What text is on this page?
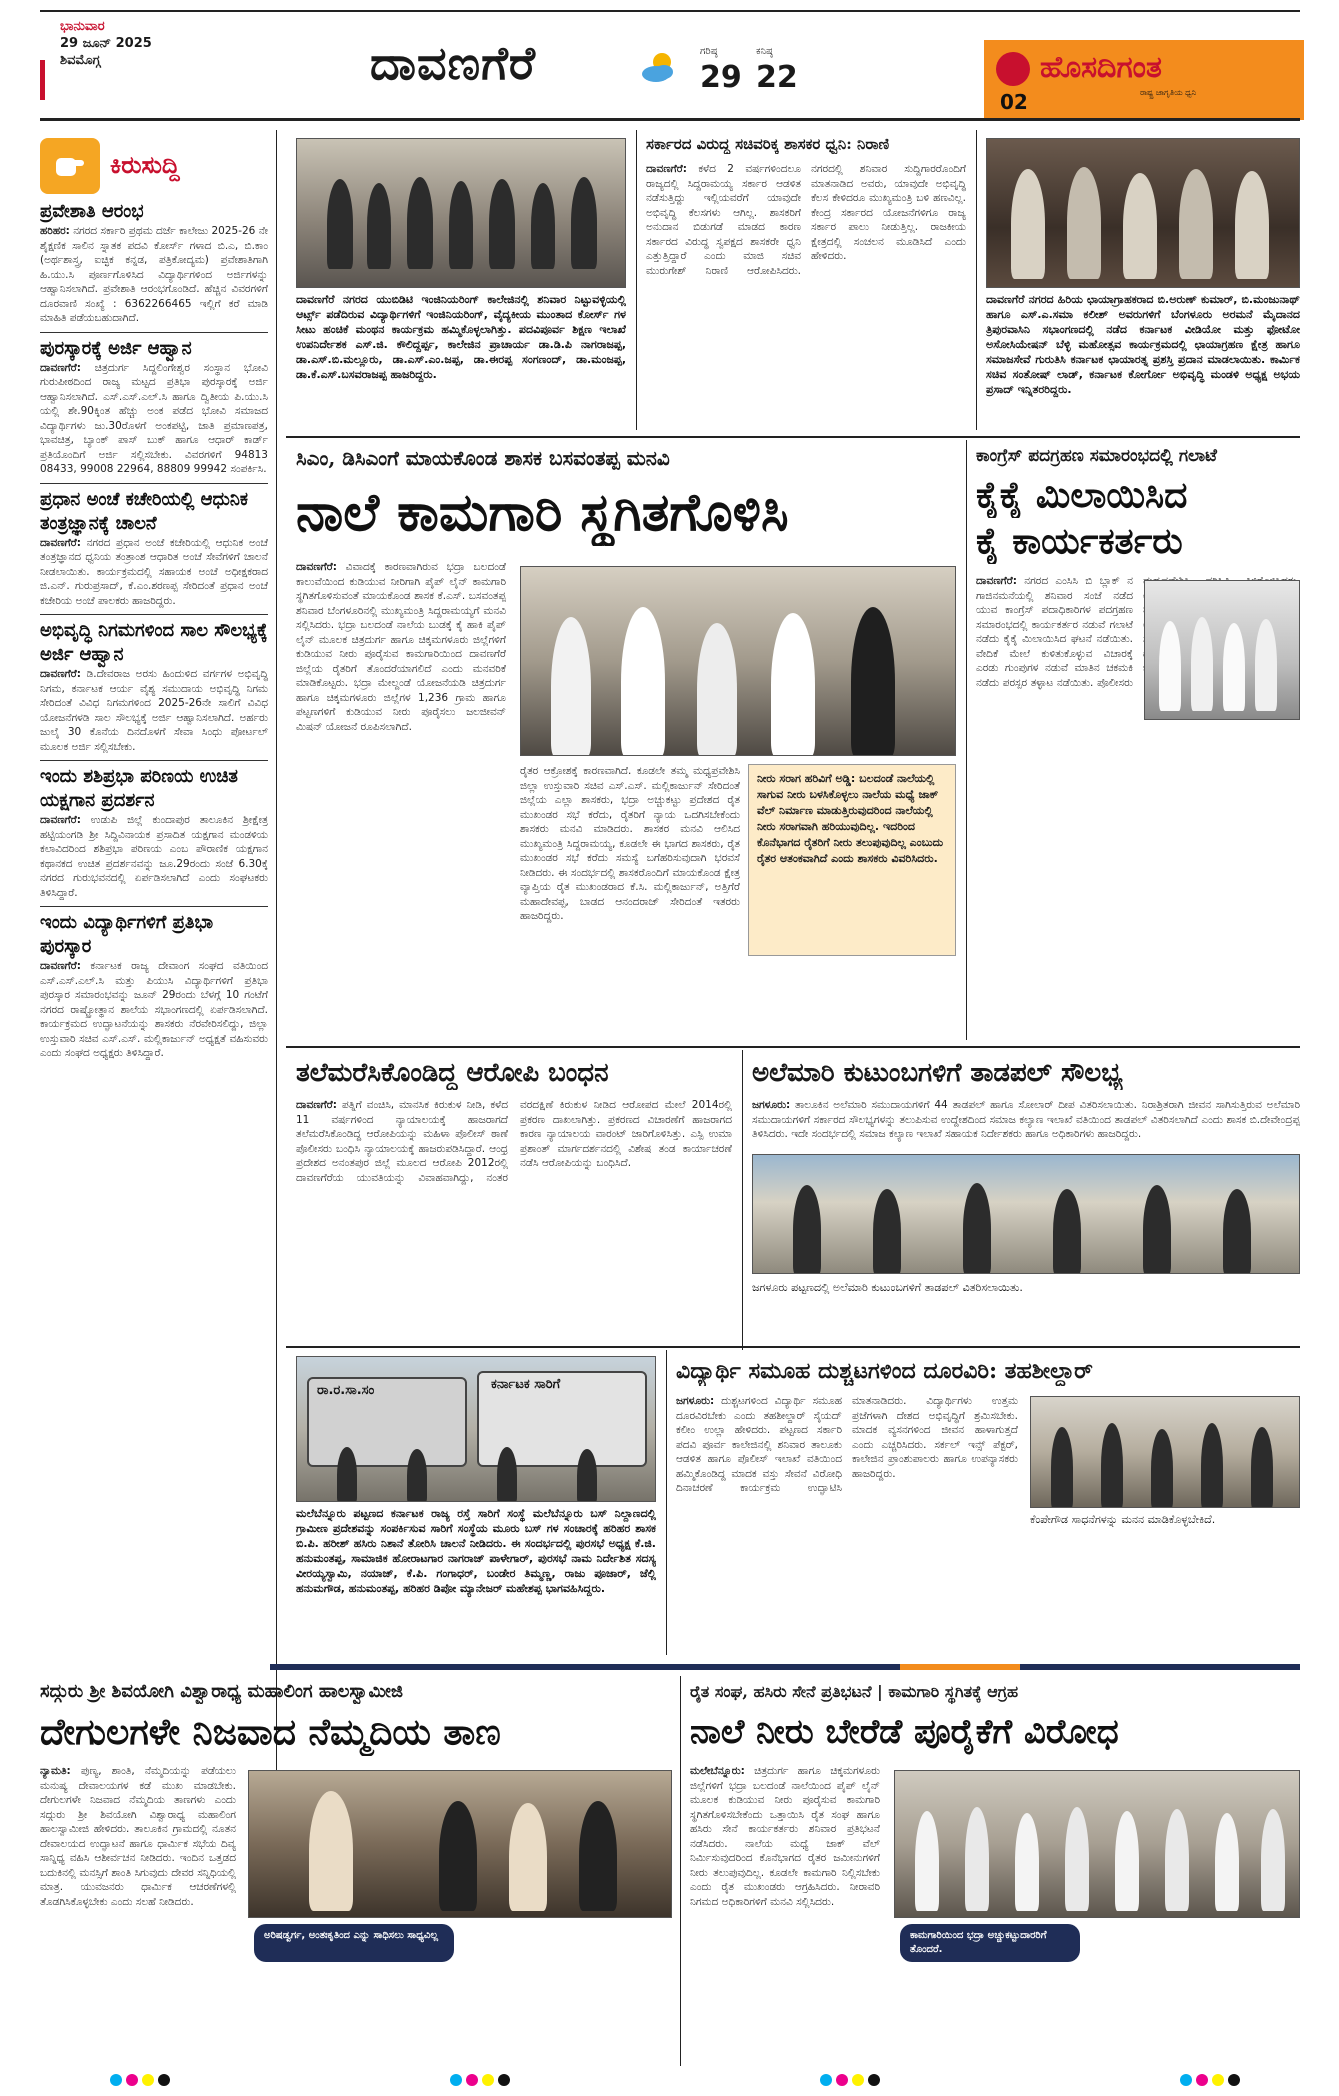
ಭಾನುವಾರ
29 ಜೂನ್ 2025
ಶಿವಮೊಗ್ಗ	ದಾವಣಗೆರೆ	ಗರಿಷ್ಠ
29
ಕನಿಷ್ಠ
22	ಹೊಸದಿಗಂತ
ರಾಷ್ಟ್ರ ಜಾಗೃತಿಯ ಧ್ವನಿ
02
ಕಿರುಸುದ್ದಿ
ಪ್ರವೇಶಾತಿ ಆರಂಭ
ಹರಿಹರ: ನಗರದ ಸರ್ಕಾರಿ ಪ್ರಥಮ ದರ್ಜೆ ಕಾಲೇಜು 2025-26 ನೇ ಶೈಕ್ಷಣಿಕ ಸಾಲಿನ ಸ್ನಾತಕ ಪದವಿ ಕೋರ್ಸ್ ಗಳಾದ ಬಿ.ಎ, ಬಿ.ಕಾಂ (ಅರ್ಥಶಾಸ್ತ್ರ, ಐಚ್ಛಿಕ ಕನ್ನಡ, ಪತ್ರಿಕೋದ್ಯಮ) ಪ್ರವೇಶಾತಿಗಾಗಿ ಹಿ.ಯು.ಸಿ ಪೂರ್ಣಗೊಳಿಸಿದ ವಿದ್ಯಾರ್ಥಿಗಳಿಂದ ಅರ್ಜಿಗಳನ್ನು ಆಹ್ವಾನಿಸಲಾಗಿದೆ. ಪ್ರವೇಶಾತಿ ಆರಂಭಗೊಂಡಿದೆ. ಹೆಚ್ಚಿನ ವಿವರಗಳಿಗೆ ದೂರವಾಣಿ ಸಂಖ್ಯೆ : 6362266465 ಇಲ್ಲಿಗೆ ಕರೆ ಮಾಡಿ ಮಾಹಿತಿ ಪಡೆಯಬಹುದಾಗಿದೆ.
ಪುರಸ್ಕಾರಕ್ಕೆ ಅರ್ಜಿ ಆಹ್ವಾನ
ದಾವಣಗೆರೆ: ಚಿತ್ರದುರ್ಗ ಸಿದ್ದಲಿಂಗೇಶ್ವರ ಸಂಸ್ಥಾನ ಭೋವಿ ಗುರುಪೀಠದಿಂದ ರಾಜ್ಯ ಮಟ್ಟದ ಪ್ರತಿಭಾ ಪುರಸ್ಕಾರಕ್ಕೆ ಅರ್ಜಿ ಆಹ್ವಾನಿಸಲಾಗಿದೆ. ಎಸ್.ಎಸ್.ಎಲ್.ಸಿ ಹಾಗೂ ದ್ವಿತೀಯ ಪಿ.ಯು.ಸಿ ಯಲ್ಲಿ ಶೇ.90ಕ್ಕಿಂತ ಹೆಚ್ಚು ಅಂಕ ಪಡೆದ ಭೋವಿ ಸಮಾಜದ ವಿದ್ಯಾರ್ಥಿಗಳು ಜು.30ರೊಳಗೆ ಅಂಕಪಟ್ಟಿ, ಜಾತಿ ಪ್ರಮಾಣಪತ್ರ, ಭಾವಚಿತ್ರ, ಬ್ಯಾಂಕ್ ಪಾಸ್ ಬುಕ್ ಹಾಗೂ ಆಧಾರ್ ಕಾರ್ಡ್ ಪ್ರತಿಯೊಂದಿಗೆ ಅರ್ಜಿ ಸಲ್ಲಿಸಬೇಕು. ವಿವರಗಳಿಗೆ 94813 08433, 99008 22964, 88809 99942 ಸಂಪರ್ಕಿಸಿ.
ಪ್ರಧಾನ ಅಂಚೆ ಕಚೇರಿಯಲ್ಲಿ ಆಧುನಿಕ ತಂತ್ರಜ್ಞಾನಕ್ಕೆ ಚಾಲನೆ
ದಾವಣಗೆರೆ: ನಗರದ ಪ್ರಧಾನ ಅಂಚೆ ಕಚೇರಿಯಲ್ಲಿ ಆಧುನಿಕ ಅಂಚೆ ತಂತ್ರಜ್ಞಾನದ ಧ್ವನಿಯ ತಂತ್ರಾಂಶ ಆಧಾರಿತ ಅಂಚೆ ಸೇವೆಗಳಿಗೆ ಚಾಲನೆ ನೀಡಲಾಯಿತು. ಕಾರ್ಯಕ್ರಮದಲ್ಲಿ ಸಹಾಯಕ ಅಂಚೆ ಅಧೀಕ್ಷಕರಾದ ಜಿ.ಎನ್. ಗುರುಪ್ರಸಾದ್, ಕೆ.ಎಂ.ಶರಣಪ್ಪ ಸೇರಿದಂತೆ ಪ್ರಧಾನ ಅಂಚೆ ಕಚೇರಿಯ ಅಂಚೆ ಪಾಲಕರು ಹಾಜರಿದ್ದರು.
ಅಭಿವೃದ್ಧಿ ನಿಗಮಗಳಿಂದ ಸಾಲ ಸೌಲಭ್ಯಕ್ಕೆ ಅರ್ಜಿ ಆಹ್ವಾನ
ದಾವಣಗೆರೆ: ಡಿ.ದೇವರಾಜ ಅರಸು ಹಿಂದುಳಿದ ವರ್ಗಗಳ ಅಭಿವೃದ್ಧಿ ನಿಗಮ, ಕರ್ನಾಟಕ ಆರ್ಯ ವೈಶ್ಯ ಸಮುದಾಯ ಅಭಿವೃದ್ಧಿ ನಿಗಮ ಸೇರಿದಂತೆ ವಿವಿಧ ನಿಗಮಗಳಿಂದ 2025-26ನೇ ಸಾಲಿಗೆ ವಿವಿಧ ಯೋಜನೆಗಳಡಿ ಸಾಲ ಸೌಲಭ್ಯಕ್ಕೆ ಅರ್ಜಿ ಆಹ್ವಾನಿಸಲಾಗಿದೆ. ಅರ್ಹರು ಜುಲೈ 30 ಕೊನೆಯ ದಿನದೊಳಗೆ ಸೇವಾ ಸಿಂಧು ಪೋರ್ಟಲ್ ಮೂಲಕ ಅರ್ಜಿ ಸಲ್ಲಿಸಬೇಕು.
ಇಂದು ಶಶಿಪ್ರಭಾ ಪರಿಣಯ ಉಚಿತ ಯಕ್ಷಗಾನ ಪ್ರದರ್ಶನ
ದಾವಣಗೆರೆ: ಉಡುಪಿ ಜಿಲ್ಲೆ ಕುಂದಾಪುರ ತಾಲೂಕಿನ ಶ್ರೀಕ್ಷೇತ್ರ ಹಟ್ಟಿಯಂಗಡಿ ಶ್ರೀ ಸಿದ್ದಿವಿನಾಯಕ ಪ್ರಸಾದಿತ ಯಕ್ಷಗಾನ ಮಂಡಳಿಯ ಕಲಾವಿದರಿಂದ ಶಶಿಪ್ರಭಾ ಪರಿಣಯ ಎಂಬ ಪೌರಾಣಿಕ ಯಕ್ಷಗಾನ ಕಥಾನಕದ ಉಚಿತ ಪ್ರದರ್ಶನವನ್ನು ಜೂ.29ರಂದು ಸಂಜೆ 6.30ಕ್ಕೆ ನಗರದ ಗುರುಭವನದಲ್ಲಿ ಏರ್ಪಡಿಸಲಾಗಿದೆ ಎಂದು ಸಂಘಟಕರು ತಿಳಿಸಿದ್ದಾರೆ.
ಇಂದು ವಿದ್ಯಾರ್ಥಿಗಳಿಗೆ ಪ್ರತಿಭಾ ಪುರಸ್ಕಾರ
ದಾವಣಗೆರೆ: ಕರ್ನಾಟಕ ರಾಜ್ಯ ದೇವಾಂಗ ಸಂಘದ ವತಿಯಿಂದ ಎಸ್.ಎಸ್.ಎಲ್.ಸಿ ಮತ್ತು ಪಿಯುಸಿ ವಿದ್ಯಾರ್ಥಿಗಳಿಗೆ ಪ್ರತಿಭಾ ಪುರಸ್ಕಾರ ಸಮಾರಂಭವನ್ನು ಜೂನ್ 29ರಂದು ಬೆಳಗ್ಗೆ 10 ಗಂಟೆಗೆ ನಗರದ ರಾಷ್ಟ್ರೋತ್ಥಾನ ಶಾಲೆಯ ಸಭಾಂಗಣದಲ್ಲಿ ಏರ್ಪಡಿಸಲಾಗಿದೆ. ಕಾರ್ಯಕ್ರಮದ ಉದ್ಘಾಟನೆಯನ್ನು ಶಾಸಕರು ನೆರವೇರಿಸಲಿದ್ದು, ಜಿಲ್ಲಾ ಉಸ್ತುವಾರಿ ಸಚಿವ ಎಸ್.ಎಸ್. ಮಲ್ಲಿಕಾರ್ಜುನ್ ಅಧ್ಯಕ್ಷತೆ ವಹಿಸುವರು ಎಂದು ಸಂಘದ ಅಧ್ಯಕ್ಷರು ತಿಳಿಸಿದ್ದಾರೆ.
ದಾವಣಗೆರೆ ನಗರದ ಯುಬಿಡಿಟಿ ಇಂಜಿನಿಯರಿಂಗ್ ಕಾಲೇಜಿನಲ್ಲಿ ಶನಿವಾರ ನಿಟ್ಟುವಳ್ಳಿಯಲ್ಲಿ ಆರ್ಟ್ಸ್ ಪಡೆದಿರುವ ವಿದ್ಯಾರ್ಥಿಗಳಿಗೆ ಇಂಜಿನಿಯರಿಂಗ್, ವೈದ್ಯಕೀಯ ಮುಂತಾದ ಕೋರ್ಸ್ ಗಳ ಸೀಟು ಹಂಚಿಕೆ ಮಂಥನ ಕಾರ್ಯಕ್ರಮ ಹಮ್ಮಿಕೊಳ್ಳಲಾಗಿತ್ತು. ಪದವಿಪೂರ್ವ ಶಿಕ್ಷಣ ಇಲಾಖೆ ಉಪನಿರ್ದೇಶಕ ಎಸ್.ಜಿ. ಕೌಲಿದ್ದರ್ಪ್ಪ, ಕಾಲೇಜಿನ ಪ್ರಾಚಾರ್ಯ ಡಾ.ಡಿ.ಪಿ ನಾಗರಾಜಪ್ಪ, ಡಾ.ಎಸ್.ಬಿ.ಮಲ್ಲೂರು, ಡಾ.ಎಸ್.ಎಂ.ಜಪ್ಪ, ಡಾ.ಈರಪ್ಪ ಸಂಗಣಂದ್, ಡಾ.ಮಂಜಪ್ಪ, ಡಾ.ಕೆ.ಎಸ್.ಬಸವರಾಜಪ್ಪ ಹಾಜರಿದ್ದರು.
ಸರ್ಕಾರದ ವಿರುದ್ಧ ಸಚಿವರಿಕ್ಕ ಶಾಸಕರ ಧ್ವನಿ: ನಿರಾಣಿ
ದಾವಣಗೆರೆ: ಕಳೆದ 2 ವರ್ಷಗಳಿಂದಲೂ ರಾಜ್ಯದಲ್ಲಿ ಸಿದ್ದರಾಮಯ್ಯ ಸರ್ಕಾರ ಆಡಳಿತ ನಡೆಸುತ್ತಿದ್ದು ಇಲ್ಲಿಯವರೆಗೆ ಯಾವುದೇ ಅಭಿವೃದ್ಧಿ ಕೆಲಸಗಳು ಆಗಿಲ್ಲ. ಶಾಸಕರಿಗೆ ಅನುದಾನ ಬಿಡುಗಡೆ ಮಾಡದ ಕಾರಣ ಸರ್ಕಾರದ ವಿರುದ್ಧ ಸ್ವಪಕ್ಷದ ಶಾಸಕರೇ ಧ್ವನಿ ಎತ್ತುತ್ತಿದ್ದಾರೆ ಎಂದು ಮಾಜಿ ಸಚಿವ ಮುರುಗೇಶ್ ನಿರಾಣಿ ಆರೋಪಿಸಿದರು. ನಗರದಲ್ಲಿ ಶನಿವಾರ ಸುದ್ದಿಗಾರರೊಂದಿಗೆ ಮಾತನಾಡಿದ ಅವರು, ಯಾವುದೇ ಅಭಿವೃದ್ಧಿ ಕೆಲಸ ಕೇಳಿದರೂ ಮುಖ್ಯಮಂತ್ರಿ ಬಳಿ ಹಣವಿಲ್ಲ. ಕೇಂದ್ರ ಸರ್ಕಾರದ ಯೋಜನೆಗಳಿಗೂ ರಾಜ್ಯ ಸರ್ಕಾರ ಪಾಲು ನೀಡುತ್ತಿಲ್ಲ. ರಾಜಕೀಯ ಕ್ಷೇತ್ರದಲ್ಲಿ ಸಂಚಲನ ಮೂಡಿಸಿದೆ ಎಂದು ಹೇಳಿದರು.
ದಾವಣಗೆರೆ ನಗರದ ಹಿರಿಯ ಛಾಯಾಗ್ರಾಹಕರಾದ ಬಿ.ಅರುಣ್ ಕುಮಾರ್, ಬಿ.ಮಂಜುನಾಥ್ ಹಾಗೂ ಎಸ್.ಎ.ಸಮಾ ಕಲೀಶ್ ಅವರುಗಳಿಗೆ ಬೆಂಗಳೂರು ಅರಮನೆ ಮೈದಾನದ ತ್ರಿಪುರವಾಸಿನಿ ಸಭಾಂಗಣದಲ್ಲಿ ನಡೆದ ಕರ್ನಾಟಕ ವೀಡಿಯೋ ಮತ್ತು ಫೋಟೋ ಅಸೋಸಿಯೇಷನ್ ಬೆಳ್ಳಿ ಮಹೋತ್ಸವ ಕಾರ್ಯಕ್ರಮದಲ್ಲಿ ಛಾಯಾಗ್ರಹಣ ಕ್ಷೇತ್ರ ಹಾಗೂ ಸಮಾಜಸೇವೆ ಗುರುತಿಸಿ ಕರ್ನಾಟಕ ಛಾಯಾರತ್ನ ಪ್ರಶಸ್ತಿ ಪ್ರದಾನ ಮಾಡಲಾಯಿತು. ಕಾರ್ಮಿಕ ಸಚಿವ ಸಂತೋಷ್ ಲಾಡ್, ಕರ್ನಾಟಕ ಕೋರ್ಗೋ ಅಭಿವೃದ್ಧಿ ಮಂಡಳಿ ಅಧ್ಯಕ್ಷ ಅಭಯ ಪ್ರಸಾದ್ ಇನ್ನಿತರರಿದ್ದರು.
ಸಿಎಂ, ಡಿಸಿಎಂಗೆ ಮಾಯಕೊಂಡ ಶಾಸಕ ಬಸವಂತಪ್ಪ ಮನವಿ
ನಾಲೆ ಕಾಮಗಾರಿ ಸ್ಥಗಿತಗೊಳಿಸಿ
ದಾವಣಗೆರೆ: ವಿವಾದಕ್ಕೆ ಕಾರಣವಾಗಿರುವ ಭದ್ರಾ ಬಲದಂಡೆ ಕಾಲುವೆಯಿಂದ ಕುಡಿಯುವ ನೀರಿಗಾಗಿ ಪೈಪ್ ಲೈನ್ ಕಾಮಗಾರಿ ಸ್ಥಗಿತಗೊಳಿಸುವಂತೆ ಮಾಯಕೊಂಡ ಶಾಸಕ ಕೆ.ಎಸ್. ಬಸವಂತಪ್ಪ ಶನಿವಾರ ಬೆಂಗಳೂರಿನಲ್ಲಿ ಮುಖ್ಯಮಂತ್ರಿ ಸಿದ್ದರಾಮಯ್ಯಗೆ ಮನವಿ ಸಲ್ಲಿಸಿದರು. ಭದ್ರಾ ಬಲದಂಡೆ ನಾಲೆಯ ಬುಡಕ್ಕೆ ಕೈ ಹಾಕಿ ಪೈಪ್ ಲೈನ್ ಮೂಲಕ ಚಿತ್ರದುರ್ಗ ಹಾಗೂ ಚಿಕ್ಕಮಗಳೂರು ಜಿಲ್ಲೆಗಳಿಗೆ ಕುಡಿಯುವ ನೀರು ಪೂರೈಸುವ ಕಾಮಗಾರಿಯಿಂದ ದಾವಣಗೆರೆ ಜಿಲ್ಲೆಯ ರೈತರಿಗೆ ತೊಂದರೆಯಾಗಲಿದೆ ಎಂದು ಮನವರಿಕೆ ಮಾಡಿಕೊಟ್ಟರು. ಭದ್ರಾ ಮೇಲ್ದಂಡೆ ಯೋಜನೆಯಡಿ ಚಿತ್ರದುರ್ಗ ಹಾಗೂ ಚಿಕ್ಕಮಗಳೂರು ಜಿಲ್ಲೆಗಳ 1,236 ಗ್ರಾಮ ಹಾಗೂ ಪಟ್ಟಣಗಳಿಗೆ ಕುಡಿಯುವ ನೀರು ಪೂರೈಸಲು ಜಲಜೀವನ್ ಮಿಷನ್ ಯೋಜನೆ ರೂಪಿಸಲಾಗಿದೆ.
ರೈತರ ಆಕ್ರೋಶಕ್ಕೆ ಕಾರಣವಾಗಿದೆ. ಕೂಡಲೇ ತಮ್ಮ ಮಧ್ಯಪ್ರವೇಶಿಸಿ ಜಿಲ್ಲಾ ಉಸ್ತುವಾರಿ ಸಚಿವ ಎಸ್.ಎಸ್. ಮಲ್ಲಿಕಾರ್ಜುನ್ ಸೇರಿದಂತೆ ಜಿಲ್ಲೆಯ ಎಲ್ಲಾ ಶಾಸಕರು, ಭದ್ರಾ ಅಚ್ಚುಕಟ್ಟು ಪ್ರದೇಶದ ರೈತ ಮುಖಂಡರ ಸಭೆ ಕರೆದು, ರೈತರಿಗೆ ನ್ಯಾಯ ಒದಗಿಸಬೇಕೆಂದು ಶಾಸಕರು ಮನವಿ ಮಾಡಿದರು. ಶಾಸಕರ ಮನವಿ ಆಲಿಸಿದ ಮುಖ್ಯಮಂತ್ರಿ ಸಿದ್ದರಾಮಯ್ಯ, ಕೂಡಲೇ ಈ ಭಾಗದ ಶಾಸಕರು, ರೈತ ಮುಖಂಡರ ಸಭೆ ಕರೆದು ಸಮಸ್ಯೆ ಬಗೆಹರಿಸುವುದಾಗಿ ಭರವಸೆ ನೀಡಿದರು. ಈ ಸಂದರ್ಭದಲ್ಲಿ ಶಾಸಕರೊಂದಿಗೆ ಮಾಯಕೊಂಡ ಕ್ಷೇತ್ರ ವ್ಯಾಪ್ತಿಯ ರೈತ ಮುಖಂಡರಾದ ಕೆ.ಸಿ. ಮಲ್ಲಿಕಾರ್ಜುನ್, ಅತ್ತಿಗೆರೆ ಮಹಾದೇವಪ್ಪ, ಬಾಡದ ಆನಂದರಾಜ್ ಸೇರಿದಂತೆ ಇತರರು ಹಾಜರಿದ್ದರು.
ನೀರು ಸರಾಗ ಹರಿವಿಗೆ ಅಡ್ಡಿ: ಬಲದಂಡೆ ನಾಲೆಯಲ್ಲಿ ಸಾಗುವ ನೀರು ಬಳಸಿಕೊಳ್ಳಲು ನಾಲೆಯ ಮಧ್ಯೆ ಜಾಕ್ ವೆಲ್ ನಿರ್ಮಾಣ ಮಾಡುತ್ತಿರುವುದರಿಂದ ನಾಲೆಯಲ್ಲಿ ನೀರು ಸರಾಗವಾಗಿ ಹರಿಯುವುದಿಲ್ಲ. ಇದರಿಂದ ಕೊನೆಭಾಗದ ರೈತರಿಗೆ ನೀರು ತಲುಪುವುದಿಲ್ಲ ಎಂಬುದು ರೈತರ ಆತಂಕವಾಗಿದೆ ಎಂದು ಶಾಸಕರು ವಿವರಿಸಿದರು.
ಕಾಂಗ್ರೆಸ್ ಪದಗ್ರಹಣ ಸಮಾರಂಭದಲ್ಲಿ ಗಲಾಟೆ
ಕೈಕೈ ಮಿಲಾಯಿಸಿದ
ಕೈ ಕಾರ್ಯಕರ್ತರು
ದಾವಣಗೆರೆ: ನಗರದ ಎಂಸಿಸಿ ಬಿ ಬ್ಲಾಕ್ ನ ಗಾಜಿನಮನೆಯಲ್ಲಿ ಶನಿವಾರ ಸಂಜೆ ನಡೆದ ಯುವ ಕಾಂಗ್ರೆಸ್ ಪದಾಧಿಕಾರಿಗಳ ಪದಗ್ರಹಣ ಸಮಾರಂಭದಲ್ಲಿ ಕಾರ್ಯಕರ್ತರ ನಡುವೆ ಗಲಾಟೆ ನಡೆದು ಕೈಕೈ ಮಿಲಾಯಿಸಿದ ಘಟನೆ ನಡೆಯಿತು. ವೇದಿಕೆ ಮೇಲೆ ಕುಳಿತುಕೊಳ್ಳುವ ವಿಚಾರಕ್ಕೆ ಎರಡು ಗುಂಪುಗಳ ನಡುವೆ ಮಾತಿನ ಚಕಮಕಿ ನಡೆದು ಪರಸ್ಪರ ತಳ್ಳಾಟ ನಡೆಯಿತು. ಪೊಲೀಸರು
ತಲೆಮರೆಸಿಕೊಂಡಿದ್ದ ಆರೋಪಿ ಬಂಧನ
ದಾವಣಗೆರೆ: ಪತ್ನಿಗೆ ವಂಚಿಸಿ, ಮಾನಸಿಕ ಕಿರುಕುಳ ನೀಡಿ, ಕಳೆದ 11 ವರ್ಷಗಳಿಂದ ನ್ಯಾಯಾಲಯಕ್ಕೆ ಹಾಜರಾಗದೆ ತಲೆಮರೆಸಿಕೊಂಡಿದ್ದ ಆರೋಪಿಯನ್ನು ಮಹಿಳಾ ಪೊಲೀಸ್ ಠಾಣೆ ಪೊಲೀಸರು ಬಂಧಿಸಿ ನ್ಯಾಯಾಲಯಕ್ಕೆ ಹಾಜರುಪಡಿಸಿದ್ದಾರೆ. ಆಂಧ್ರ ಪ್ರದೇಶದ ಅನಂತಪುರ ಜಿಲ್ಲೆ ಮೂಲದ ಆರೋಪಿ 2012ರಲ್ಲಿ ದಾವಣಗೆರೆಯ ಯುವತಿಯನ್ನು ವಿವಾಹವಾಗಿದ್ದು, ನಂತರ ವರದಕ್ಷಿಣೆ ಕಿರುಕುಳ ನೀಡಿದ ಆರೋಪದ ಮೇಲೆ 2014ರಲ್ಲಿ ಪ್ರಕರಣ ದಾಖಲಾಗಿತ್ತು. ಪ್ರಕರಣದ ವಿಚಾರಣೆಗೆ ಹಾಜರಾಗದ ಕಾರಣ ನ್ಯಾಯಾಲಯ ವಾರಂಟ್ ಜಾರಿಗೊಳಿಸಿತ್ತು. ಎಸ್ಪಿ ಉಮಾ ಪ್ರಶಾಂತ್ ಮಾರ್ಗದರ್ಶನದಲ್ಲಿ ವಿಶೇಷ ತಂಡ ಕಾರ್ಯಾಚರಣೆ ನಡೆಸಿ ಆರೋಪಿಯನ್ನು ಬಂಧಿಸಿದೆ.
ಅಲೆಮಾರಿ ಕುಟುಂಬಗಳಿಗೆ ತಾಡಪಲ್ ಸೌಲಭ್ಯ
ಜಗಳೂರು: ತಾಲೂಕಿನ ಅಲೆಮಾರಿ ಸಮುದಾಯಗಳಿಗೆ 44 ತಾಡಪಲ್ ಹಾಗೂ ಸೋಲಾರ್ ದೀಪ ವಿತರಿಸಲಾಯಿತು. ನಿರಾಶ್ರಿತರಾಗಿ ಜೀವನ ಸಾಗಿಸುತ್ತಿರುವ ಅಲೆಮಾರಿ ಸಮುದಾಯಗಳಿಗೆ ಸರ್ಕಾರದ ಸೌಲಭ್ಯಗಳನ್ನು ತಲುಪಿಸುವ ಉದ್ದೇಶದಿಂದ ಸಮಾಜ ಕಲ್ಯಾಣ ಇಲಾಖೆ ವತಿಯಿಂದ ತಾಡಪಲ್ ವಿತರಿಸಲಾಗಿದೆ ಎಂದು ಶಾಸಕ ಬಿ.ದೇವೇಂದ್ರಪ್ಪ ತಿಳಿಸಿದರು. ಇದೇ ಸಂದರ್ಭದಲ್ಲಿ ಸಮಾಜ ಕಲ್ಯಾಣ ಇಲಾಖೆ ಸಹಾಯಕ ನಿರ್ದೇಶಕರು ಹಾಗೂ ಅಧಿಕಾರಿಗಳು ಹಾಜರಿದ್ದರು.
ಜಗಳೂರು ಪಟ್ಟಣದಲ್ಲಿ ಅಲೆಮಾರಿ ಕುಟುಂಬಗಳಿಗೆ ತಾಡಪಲ್ ವಿತರಿಸಲಾಯಿತು.
ರಾ.ರ.ಸಾ.ಸಂ	ಕರ್ನಾಟಕ ಸಾರಿಗೆ
ಮಲೆಬೆನ್ನೂರು ಪಟ್ಟಣದ ಕರ್ನಾಟಕ ರಾಜ್ಯ ರಸ್ತೆ ಸಾರಿಗೆ ಸಂಸ್ಥೆ ಮಲೆಬೆನ್ನೂರು ಬಸ್ ನಿಲ್ದಾಣದಲ್ಲಿ ಗ್ರಾಮೀಣ ಪ್ರದೇಶವನ್ನು ಸಂಪರ್ಕಿಸುವ ಸಾರಿಗೆ ಸಂಸ್ಥೆಯ ಮೂರು ಬಸ್ ಗಳ ಸಂಚಾರಕ್ಕೆ ಹರಿಹರ ಶಾಸಕ ಬಿ.ಪಿ. ಹರೀಶ್ ಹಸಿರು ನಿಶಾನೆ ತೋರಿಸಿ ಚಾಲನೆ ನೀಡಿದರು. ಈ ಸಂದರ್ಭದಲ್ಲಿ ಪುರಸಭೆ ಅಧ್ಯಕ್ಷ ಕೆ.ಜಿ. ಹನುಮಂತಪ್ಪ, ಸಾಮಾಜಿಕ ಹೋರಾಟಗಾರ ನಾಗರಾಜ್ ಪಾಳೇಗಾರ್, ಪುರಸಭೆ ನಾಮ ನಿರ್ದೇಶಿತ ಸದಸ್ಯ ವೀರಯ್ಯಸ್ವಾಮಿ, ನಯಾಜ್, ಕೆ.ಪಿ. ಗಂಗಾಧರ್, ಬಂಡೇರ ತಿಮ್ಮಣ್ಣ, ರಾಜು ಪೂಜಾರ್, ಜೆಲ್ಲಿ ಹನುಮಗೌಡ, ಹನುಮಂತಪ್ಪ, ಹರಿಹರ ಡಿಪೋ ಮ್ಯಾನೇಜರ್ ಮಹೇಶಪ್ಪ ಭಾಗವಹಿಸಿದ್ದರು.
ವಿದ್ಯಾರ್ಥಿ ಸಮೂಹ ದುಶ್ಚಟಗಳಿಂದ ದೂರವಿರಿ: ತಹಶೀಲ್ದಾರ್
ಜಗಳೂರು: ದುಶ್ಚಟಗಳಿಂದ ವಿದ್ಯಾರ್ಥಿ ಸಮೂಹ ದೂರವಿರಬೇಕು ಎಂದು ತಹಶೀಲ್ದಾರ್ ಸೈಯದ್ ಕಲೀಂ ಉಲ್ಲಾ ಹೇಳಿದರು. ಪಟ್ಟಣದ ಸರ್ಕಾರಿ ಪದವಿ ಪೂರ್ವ ಕಾಲೇಜಿನಲ್ಲಿ ಶನಿವಾರ ತಾಲೂಕು ಆಡಳಿತ ಹಾಗೂ ಪೊಲೀಸ್ ಇಲಾಖೆ ವತಿಯಿಂದ ಹಮ್ಮಿಕೊಂಡಿದ್ದ ಮಾದಕ ವಸ್ತು ಸೇವನೆ ವಿರೋಧಿ ದಿನಾಚರಣೆ ಕಾರ್ಯಕ್ರಮ ಉದ್ಘಾಟಿಸಿ ಮಾತನಾಡಿದರು. ವಿದ್ಯಾರ್ಥಿಗಳು ಉತ್ತಮ ಪ್ರಜೆಗಳಾಗಿ ದೇಶದ ಅಭಿವೃದ್ಧಿಗೆ ಶ್ರಮಿಸಬೇಕು. ಮಾದಕ ವ್ಯಸನಗಳಿಂದ ಜೀವನ ಹಾಳಾಗುತ್ತದೆ ಎಂದು ಎಚ್ಚರಿಸಿದರು. ಸರ್ಕಲ್ ಇನ್ಸ್ ಪೆಕ್ಟರ್, ಕಾಲೇಜಿನ ಪ್ರಾಂಶುಪಾಲರು ಹಾಗೂ ಉಪನ್ಯಾಸಕರು ಹಾಜರಿದ್ದರು.
ಕೆಂಪೇಗೌಡ ಸಾಧನೆಗಳನ್ನು ಮನನ ಮಾಡಿಕೊಳ್ಳಬೇಕಿದೆ.
ಸದ್ಗುರು ಶ್ರೀ ಶಿವಯೋಗಿ ವಿಶ್ವಾರಾಧ್ಯ ಮಹಾಲಿಂಗ ಹಾಲಸ್ವಾಮೀಜಿ
ದೇಗುಲಗಳೇ ನಿಜವಾದ ನೆಮ್ಮದಿಯ ತಾಣ
ನ್ಯಾಮತಿ: ಪುಣ್ಯ, ಶಾಂತಿ, ನೆಮ್ಮದಿಯನ್ನು ಪಡೆಯಲು ಮನುಷ್ಯ ದೇವಾಲಯಗಳ ಕಡೆ ಮುಖ ಮಾಡಬೇಕು. ದೇಗುಲಗಳೇ ನಿಜವಾದ ನೆಮ್ಮದಿಯ ತಾಣಗಳು ಎಂದು ಸದ್ಗುರು ಶ್ರೀ ಶಿವಯೋಗಿ ವಿಶ್ವಾರಾಧ್ಯ ಮಹಾಲಿಂಗ ಹಾಲಸ್ವಾಮೀಜಿ ಹೇಳಿದರು. ತಾಲೂಕಿನ ಗ್ರಾಮದಲ್ಲಿ ನೂತನ ದೇವಾಲಯದ ಉದ್ಘಾಟನೆ ಹಾಗೂ ಧಾರ್ಮಿಕ ಸಭೆಯ ದಿವ್ಯ ಸಾನ್ನಿಧ್ಯ ವಹಿಸಿ ಆಶೀರ್ವಚನ ನೀಡಿದರು. ಇಂದಿನ ಒತ್ತಡದ ಬದುಕಿನಲ್ಲಿ ಮನಸ್ಸಿಗೆ ಶಾಂತಿ ಸಿಗುವುದು ದೇವರ ಸನ್ನಿಧಿಯಲ್ಲಿ ಮಾತ್ರ. ಯುವಜನರು ಧಾರ್ಮಿಕ ಆಚರಣೆಗಳಲ್ಲಿ ತೊಡಗಿಸಿಕೊಳ್ಳಬೇಕು ಎಂದು ಸಲಹೆ ನೀಡಿದರು.
ಅರಿಷಡ್ವರ್ಗ, ಅಂತಃಕೃತಿಂದ ಎನ್ನು ಸಾಧಿಸಲು ಸಾಧ್ಯವಿಲ್ಲ
ರೈತ ಸಂಘ, ಹಸಿರು ಸೇನೆ ಪ್ರತಿಭಟನೆ | ಕಾಮಗಾರಿ ಸ್ಥಗಿತಕ್ಕೆ ಆಗ್ರಹ
ನಾಲೆ ನೀರು ಬೇರೆಡೆ ಪೂರೈಕೆಗೆ ವಿರೋಧ
ಮಲೇಬೆನ್ನೂರು: ಚಿತ್ರದುರ್ಗ ಹಾಗೂ ಚಿಕ್ಕಮಗಳೂರು ಜಿಲ್ಲೆಗಳಿಗೆ ಭದ್ರಾ ಬಲದಂಡೆ ನಾಲೆಯಿಂದ ಪೈಪ್ ಲೈನ್ ಮೂಲಕ ಕುಡಿಯುವ ನೀರು ಪೂರೈಸುವ ಕಾಮಗಾರಿ ಸ್ಥಗಿತಗೊಳಿಸಬೇಕೆಂದು ಒತ್ತಾಯಿಸಿ ರೈತ ಸಂಘ ಹಾಗೂ ಹಸಿರು ಸೇನೆ ಕಾರ್ಯಕರ್ತರು ಶನಿವಾರ ಪ್ರತಿಭಟನೆ ನಡೆಸಿದರು. ನಾಲೆಯ ಮಧ್ಯೆ ಜಾಕ್ ವೆಲ್ ನಿರ್ಮಿಸುವುದರಿಂದ ಕೊನೆಭಾಗದ ರೈತರ ಜಮೀನುಗಳಿಗೆ ನೀರು ತಲುಪುವುದಿಲ್ಲ. ಕೂಡಲೇ ಕಾಮಗಾರಿ ನಿಲ್ಲಿಸಬೇಕು ಎಂದು ರೈತ ಮುಖಂಡರು ಆಗ್ರಹಿಸಿದರು. ನೀರಾವರಿ ನಿಗಮದ ಅಧಿಕಾರಿಗಳಿಗೆ ಮನವಿ ಸಲ್ಲಿಸಿದರು.
ಕಾಮಗಾರಿಯಿಂದ ಭದ್ರಾ ಅಚ್ಚುಕಟ್ಟುದಾರರಿಗೆ ತೊಂದರೆ.
